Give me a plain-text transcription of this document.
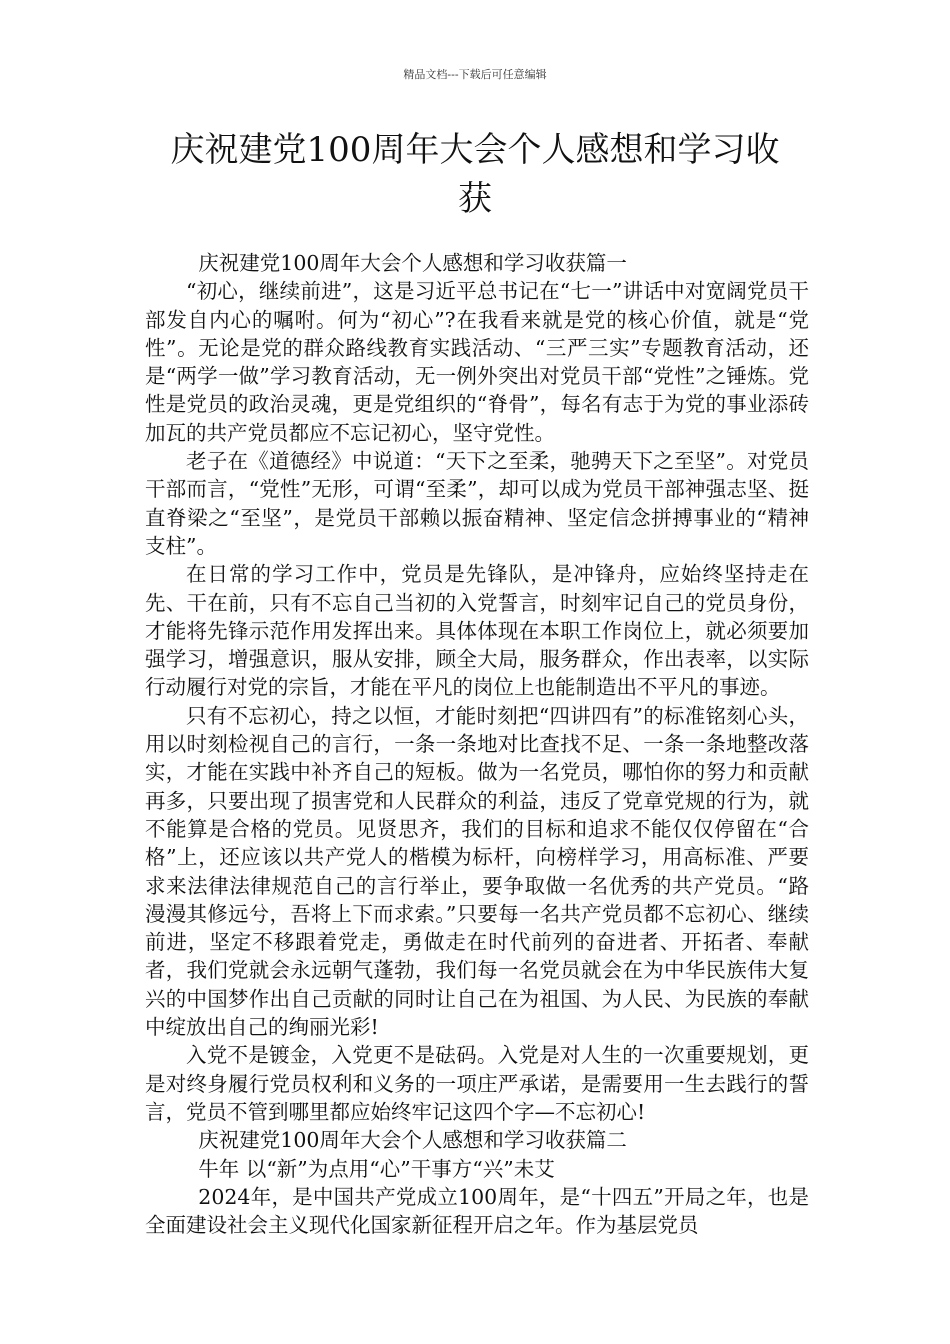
精品文档---下载后可任意编辑
庆祝建党100周年大会个人感想和学习收
获

庆祝建党100周年大会个人感想和学习收获篇一

“初心，继续前进”，这是习近平总书记在“七一”讲话中对宽阔党员干部发自内心的嘱咐。何为“初心”?在我看来就是党的核心价值，就是“党性”。无论是党的群众路线教育实践活动、“三严三实”专题教育活动，还是“两学一做”学习教育活动，无一例外突出对党员干部“党性”之锤炼。党性是党员的政治灵魂，更是党组织的“脊骨”，每名有志于为党的事业添砖加瓦的共产党员都应不忘记初心，坚守党性。

老子在《道德经》中说道：“天下之至柔，驰骋天下之至坚”。对党员干部而言，“党性”无形，可谓“至柔”，却可以成为党员干部神强志坚、挺直脊梁之“至坚”，是党员干部赖以振奋精神、坚定信念拼搏事业的“精神支柱”。

在日常的学习工作中，党员是先锋队，是冲锋舟，应始终坚持走在先、干在前，只有不忘自己当初的入党誓言，时刻牢记自己的党员身份，才能将先锋示范作用发挥出来。具体体现在本职工作岗位上，就必须要加强学习，增强意识，服从安排，顾全大局，服务群众，作出表率，以实际行动履行对党的宗旨，才能在平凡的岗位上也能制造出不平凡的事迹。

只有不忘初心，持之以恒，才能时刻把“四讲四有”的标准铭刻心头，用以时刻检视自己的言行，一条一条地对比查找不足、一条一条地整改落实，才能在实践中补齐自己的短板。做为一名党员，哪怕你的努力和贡献再多，只要出现了损害党和人民群众的利益，违反了党章党规的行为，就不能算是合格的党员。见贤思齐，我们的目标和追求不能仅仅停留在“合格”上，还应该以共产党人的楷模为标杆，向榜样学习，用高标准、严要求来法律法律规范自己的言行举止，要争取做一名优秀的共产党员。“路漫漫其修远兮，吾将上下而求索。”只要每一名共产党员都不忘初心、继续前进，坚定不移跟着党走，勇做走在时代前列的奋进者、开拓者、奉献者，我们党就会永远朝气蓬勃，我们每一名党员就会在为中华民族伟大复兴的中国梦作出自己贡献的同时让自己在为祖国、为人民、为民族的奉献中绽放出自己的绚丽光彩!

入党不是镀金，入党更不是砝码。入党是对人生的一次重要规划，更是对终身履行党员权利和义务的一项庄严承诺，是需要用一生去践行的誓言，党员不管到哪里都应始终牢记这四个字—不忘初心!

庆祝建党100周年大会个人感想和学习收获篇二

牛年 以“新”为点用“心”干事方“兴”未艾

2024年，是中国共产党成立100周年，是“十四五”开局之年，也是全面建设社会主义现代化国家新征程开启之年。作为基层党员
